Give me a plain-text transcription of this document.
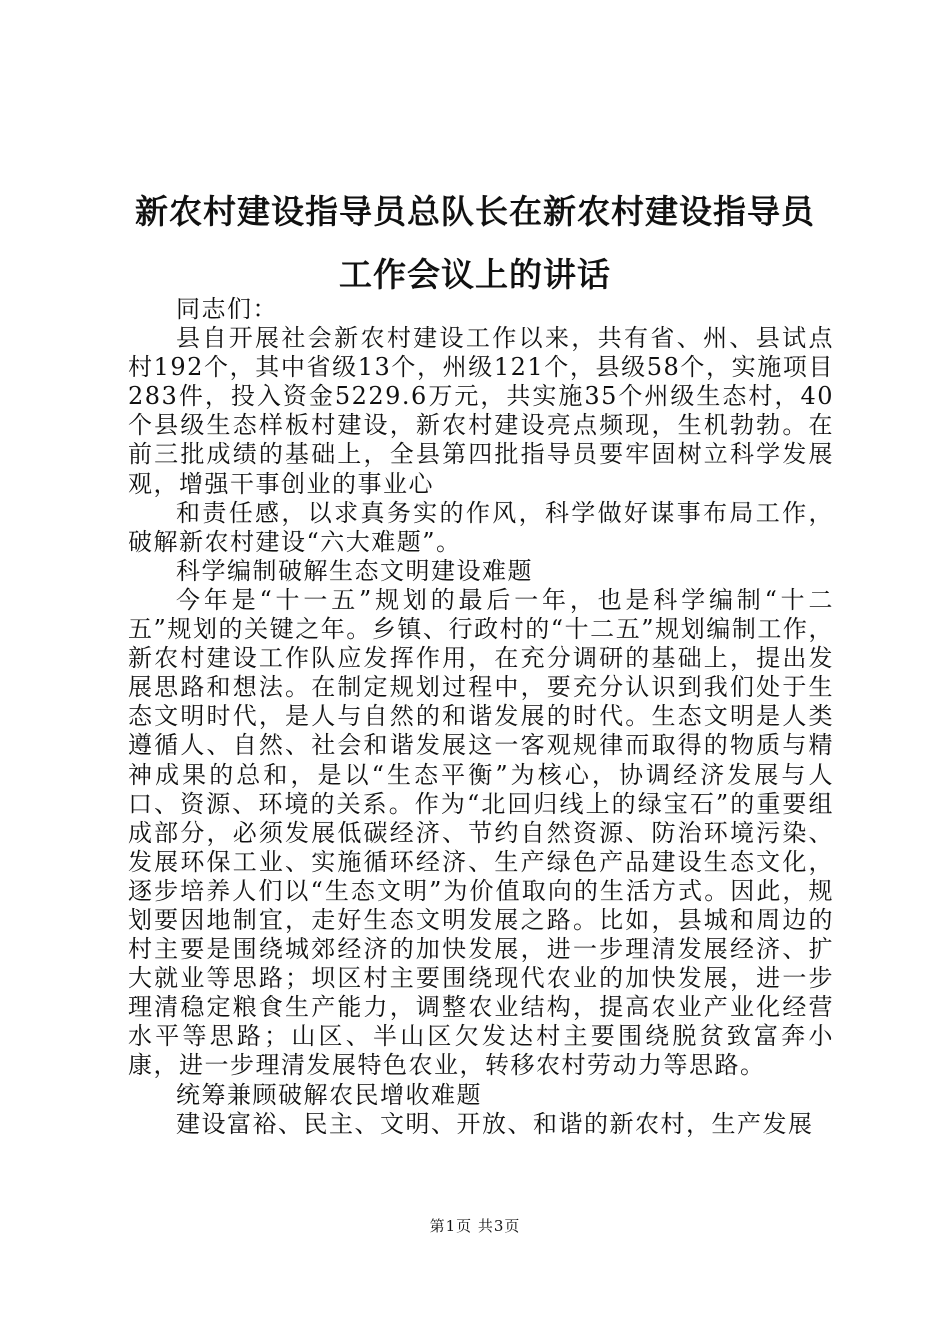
新农村建设指导员总队长在新农村建设指导员
工作会议上的讲话

同志们：

县自开展社会新农村建设工作以来，共有省、州、县试点村192个，其中省级13个，州级121个，县级58个，实施项目283件，投入资金5229.6万元，共实施35个州级生态村，40个县级生态样板村建设，新农村建设亮点频现，生机勃勃。在前三批成绩的基础上，全县第四批指导员要牢固树立科学发展观，增强干事创业的事业心

和责任感，以求真务实的作风，科学做好谋事布局工作，破解新农村建设“六大难题”。

科学编制破解生态文明建设难题

今年是“十一五”规划的最后一年，也是科学编制“十二五”规划的关键之年。乡镇、行政村的“十二五”规划编制工作，新农村建设工作队应发挥作用，在充分调研的基础上，提出发展思路和想法。在制定规划过程中，要充分认识到我们处于生态文明时代，是人与自然的和谐发展的时代。生态文明是人类遵循人、自然、社会和谐发展这一客观规律而取得的物质与精神成果的总和，是以“生态平衡”为核心，协调经济发展与人口、资源、环境的关系。作为“北回归线上的绿宝石”的重要组成部分，必须发展低碳经济、节约自然资源、防治环境污染、发展环保工业、实施循环经济、生产绿色产品建设生态文化，逐步培养人们以“生态文明”为价值取向的生活方式。因此，规划要因地制宜，走好生态文明发展之路。比如，县城和周边的村主要是围绕城郊经济的加快发展，进一步理清发展经济、扩大就业等思路；坝区村主要围绕现代农业的加快发展，进一步理清稳定粮食生产能力，调整农业结构，提高农业产业化经营水平等思路；山区、半山区欠发达村主要围绕脱贫致富奔小康，进一步理清发展特色农业，转移农村劳动力等思路。

统筹兼顾破解农民增收难题

建设富裕、民主、文明、开放、和谐的新农村，生产发展

第1页 共3页
